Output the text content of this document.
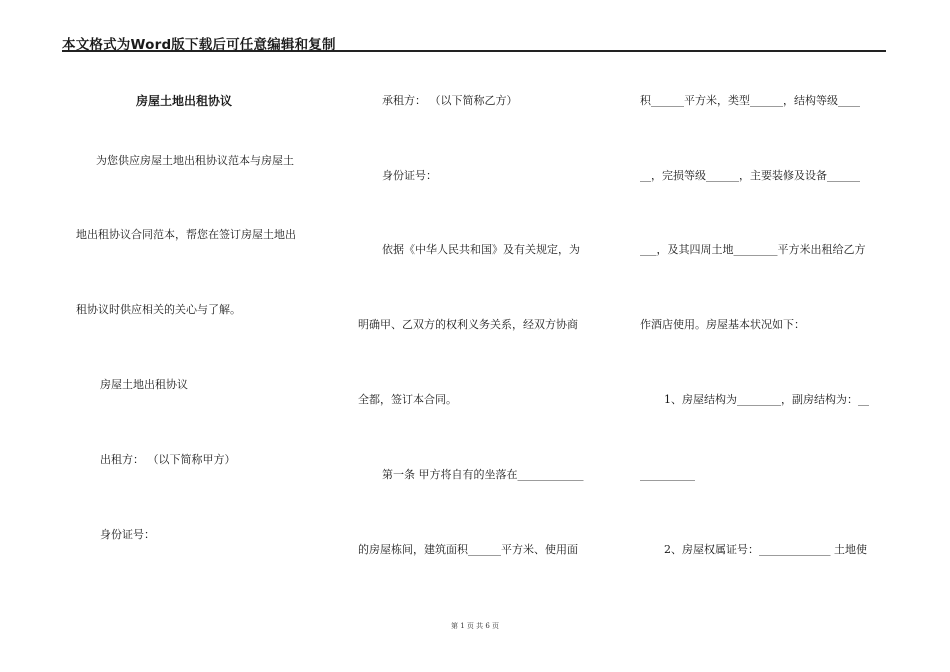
本文格式为Word版下载后可任意编辑和复制
房屋土地出租协议
为您供应房屋土地出租协议范本与房屋土
地出租协议合同范本，帮您在签订房屋土地出
租协议时供应相关的关心与了解。
房屋土地出租协议
出租方： （以下简称甲方）
身份证号：
承租方： （以下简称乙方）
身份证号：
依据《中华人民共和国》及有关规定，为
明确甲、乙双方的权利义务关系，经双方协商
全都，签订本合同。
第一条 甲方将自有的坐落在____________
的房屋栋间，建筑面积______平方米、使用面
积______平方米，类型______，结构等级____
__，完损等级______，主要装修及设备______
___，及其四周土地________平方米出租给乙方
作酒店使用。房屋基本状况如下：
1、房屋结构为________，副房结构为：__
__________
2、房屋权属证号：_____________ 土地使
第 1 页 共 6 页
